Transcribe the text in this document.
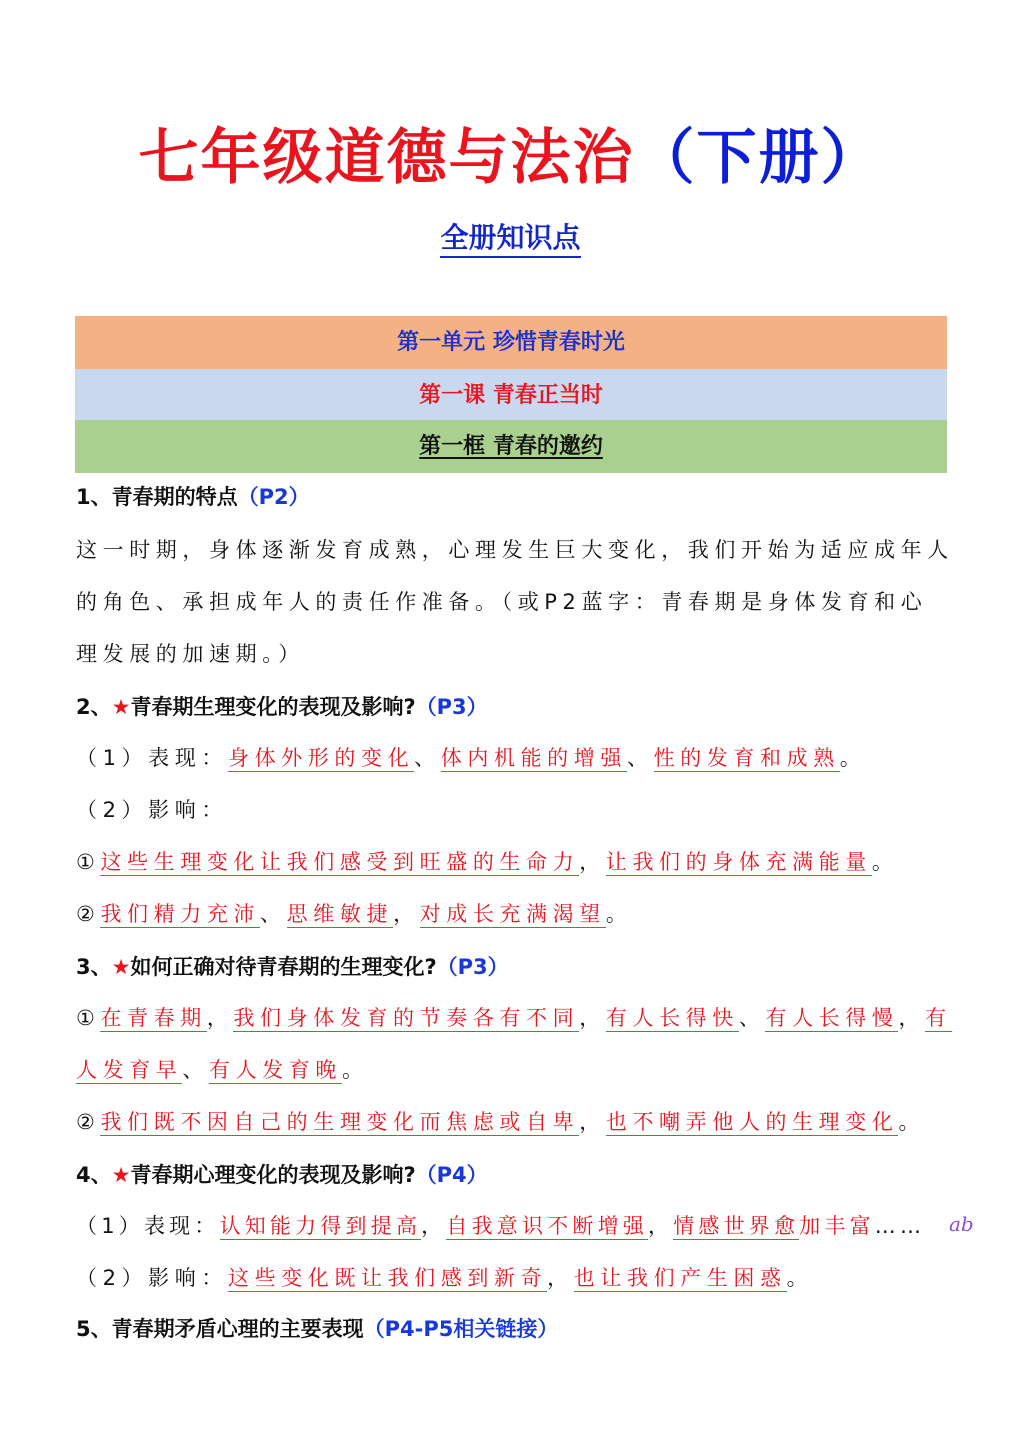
七年级道德与法治（下册）
全册知识点
第一单元 珍惜青春时光
第一课 青春正当时
第一框 青春的邀约
1、青春期的特点（P2）
这一时期，身体逐渐发育成熟，心理发生巨大变化，我们开始为适应成年人
的角色、承担成年人的责任作准备。（或P2蓝字：青春期是身体发育和心
理发展的加速期。）
2、★青春期生理变化的表现及影响?（P3）
（1）表现：身体外形的变化、体内机能的增强、性的发育和成熟。
（2）影响：
①这些生理变化让我们感受到旺盛的生命力，让我们的身体充满能量。
②我们精力充沛、思维敏捷，对成长充满渴望。
3、★如何正确对待青春期的生理变化?（P3）
①在青春期，我们身体发育的节奏各有不同，有人长得快、有人长得慢，有
人发育早、有人发育晚。
②我们既不因自己的生理变化而焦虑或自卑，也不嘲弄他人的生理变化。
4、★青春期心理变化的表现及影响?（P4）
（1）表现：认知能力得到提高，自我意识不断增强，情感世界愈加丰富……	ab
（2）影响：这些变化既让我们感到新奇，也让我们产生困惑。
5、青春期矛盾心理的主要表现（P4-P5相关链接）
